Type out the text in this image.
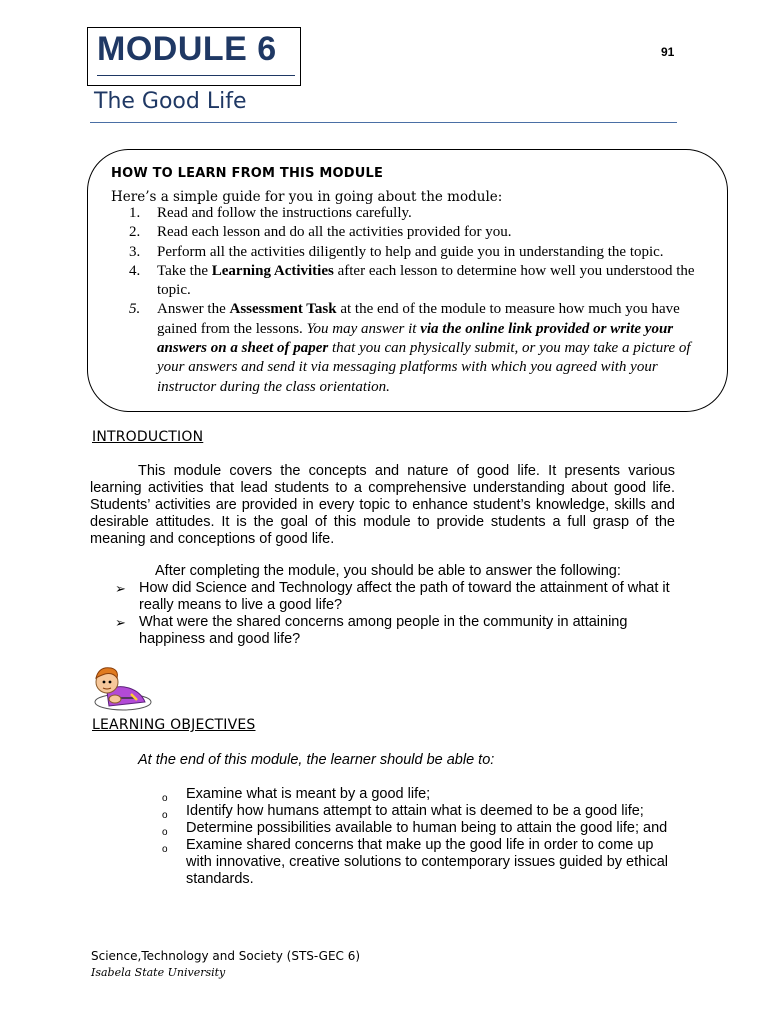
MODULE 6	91
The Good Life
HOW TO LEARN FROM THIS MODULE
Here’s a simple guide for you in going about the module:
1. Read and follow the instructions carefully.
2. Read each lesson and do all the activities provided for you.
3. Perform all the activities diligently to help and guide you in understanding the topic.
4. Take the Learning Activities after each lesson to determine how well you understood the topic.
5. Answer the Assessment Task at the end of the module to measure how much you have gained from the lessons. You may answer it via the online link provided or write your answers on a sheet of paper that you can physically submit, or you may take a picture of your answers and send it via messaging platforms with which you agreed with your instructor during the class orientation.
INTRODUCTION

This module covers the concepts and nature of good life. It presents various learning activities that lead students to a comprehensive understanding about good life. Students’ activities are provided in every topic to enhance student’s knowledge, skills and desirable attitudes. It is the goal of this module to provide students a full grasp of the meaning and conceptions of good life.

After completing the module, you should be able to answer the following:
➢ How did Science and Technology affect the path of toward the attainment of what it really means to live a good life?
➢ What were the shared concerns among people in the community in attaining happiness and good life?
LEARNING OBJECTIVES
At the end of this module, the learner should be able to:
o Examine what is meant by a good life;
o Identify how humans attempt to attain what is deemed to be a good life;
o Determine possibilities available to human being to attain the good life; and
o Examine shared concerns that make up the good life in order to come up with innovative, creative solutions to contemporary issues guided by ethical standards.
Science,Technology and Society (STS-GEC 6)
Isabela State University
